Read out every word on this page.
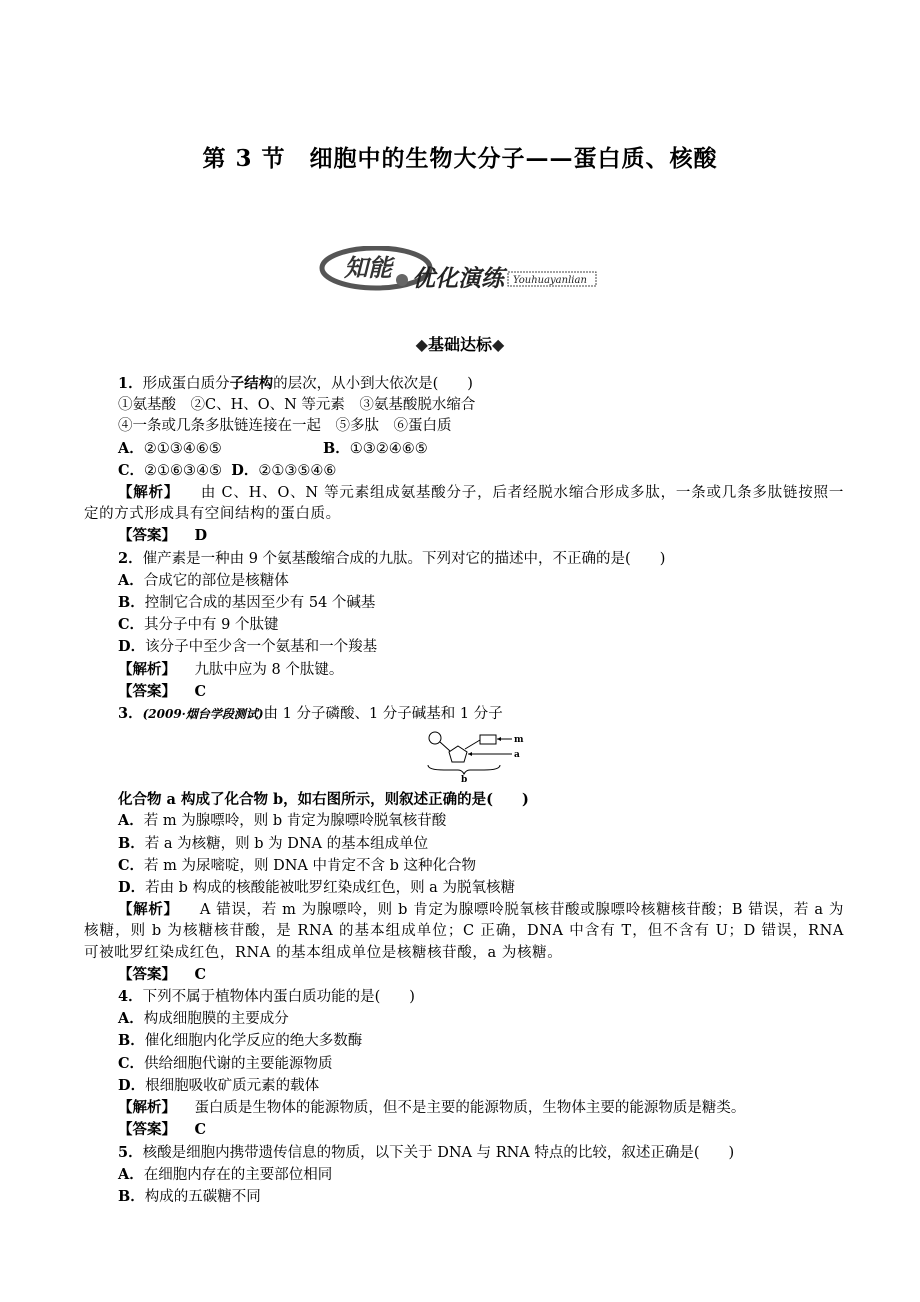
第 3 节　细胞中的生物大分子——蛋白质、核酸
知能 优化演练 Youhuayanlian
◆基础达标◆
1．形成蛋白质分子结构的层次，从小到大依次是(　　)
①氨基酸　②C、H、O、N 等元素　③氨基酸脱水缩合
④一条或几条多肽链连接在一起　⑤多肽　⑥蛋白质
A．②①③④⑥⑤	B．①③②④⑥⑤
C．②①⑥③④⑤ D．②①③⑤④⑥
【解析】 由 C、H、O、N 等元素组成氨基酸分子，后者经脱水缩合形成多肽，一条或几条多肽链按照一定的方式形成具有空间结构的蛋白质。
【答案】 D
2．催产素是一种由 9 个氨基酸缩合成的九肽。下列对它的描述中，不正确的是(　　)
A．合成它的部位是核糖体
B．控制它合成的基因至少有 54 个碱基
C．其分子中有 9 个肽键
D．该分子中至少含一个氨基和一个羧基
【解析】 九肽中应为 8 个肽键。
【答案】 C
3．(2009·烟台学段测试)由 1 分子磷酸、1 分子碱基和 1 分子
m
a
b
化合物 a 构成了化合物 b，如右图所示，则叙述正确的是(　　)
A．若 m 为腺嘌呤，则 b 肯定为腺嘌呤脱氧核苷酸
B．若 a 为核糖，则 b 为 DNA 的基本组成单位
C．若 m 为尿嘧啶，则 DNA 中肯定不含 b 这种化合物
D．若由 b 构成的核酸能被吡罗红染成红色，则 a 为脱氧核糖
【解析】 A 错误，若 m 为腺嘌呤，则 b 肯定为腺嘌呤脱氧核苷酸或腺嘌呤核糖核苷酸；B 错误，若 a 为核糖，则 b 为核糖核苷酸，是 RNA 的基本组成单位；C 正确，DNA 中含有 T，但不含有 U；D 错误，RNA 可被吡罗红染成红色，RNA 的基本组成单位是核糖核苷酸，a 为核糖。
【答案】 C
4．下列不属于植物体内蛋白质功能的是(　　)
A．构成细胞膜的主要成分
B．催化细胞内化学反应的绝大多数酶
C．供给细胞代谢的主要能源物质
D．根细胞吸收矿质元素的载体
【解析】 蛋白质是生物体的能源物质，但不是主要的能源物质，生物体主要的能源物质是糖类。
【答案】 C
5．核酸是细胞内携带遗传信息的物质，以下关于 DNA 与 RNA 特点的比较，叙述正确是(　　)
A．在细胞内存在的主要部位相同
B．构成的五碳糖不同
